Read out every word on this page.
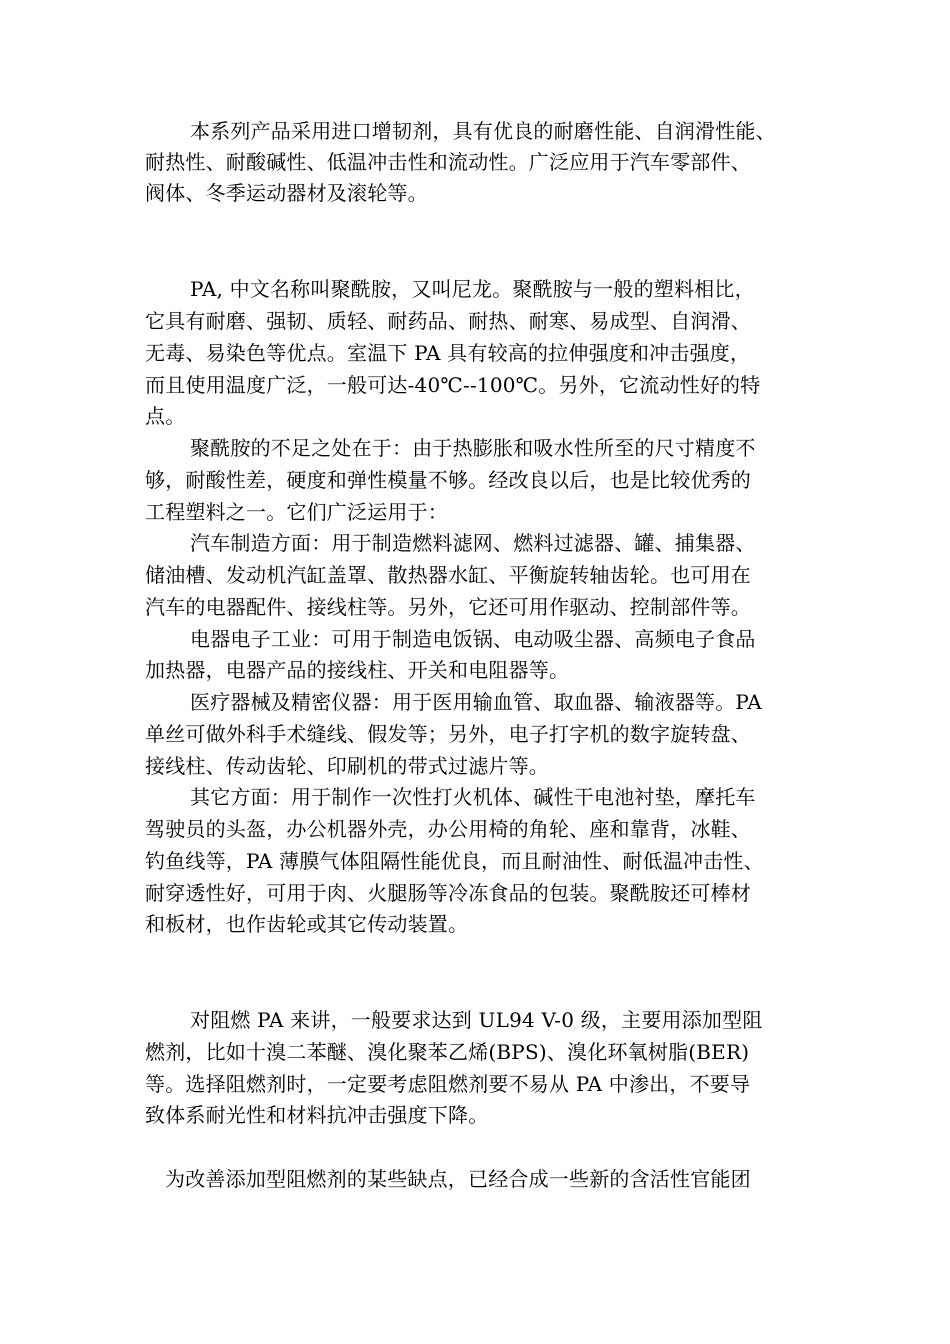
本系列产品采用进口增韧剂，具有优良的耐磨性能、自润滑性能、

耐热性、耐酸碱性、低温冲击性和流动性。广泛应用于汽车零部件、

阀体、冬季运动器材及滚轮等。

PA, 中文名称叫聚酰胺，又叫尼龙。聚酰胺与一般的塑料相比，

它具有耐磨、强韧、质轻、耐药品、耐热、耐寒、易成型、自润滑、

无毒、易染色等优点。室温下 PA 具有较高的拉伸强度和冲击强度，

而且使用温度广泛，一般可达-40℃--100℃。另外，它流动性好的特

点。

聚酰胺的不足之处在于：由于热膨胀和吸水性所至的尺寸精度不

够，耐酸性差，硬度和弹性模量不够。经改良以后，也是比较优秀的

工程塑料之一。它们广泛运用于：

汽车制造方面：用于制造燃料滤网、燃料过滤器、罐、捕集器、

储油槽、发动机汽缸盖罩、散热器水缸、平衡旋转轴齿轮。也可用在

汽车的电器配件、接线柱等。另外，它还可用作驱动、控制部件等。

电器电子工业：可用于制造电饭锅、电动吸尘器、高频电子食品

加热器，电器产品的接线柱、开关和电阻器等。

医疗器械及精密仪器：用于医用输血管、取血器、输液器等。PA

单丝可做外科手术缝线、假发等；另外，电子打字机的数字旋转盘、

接线柱、传动齿轮、印刷机的带式过滤片等。

其它方面：用于制作一次性打火机体、碱性干电池衬垫，摩托车

驾驶员的头盔，办公机器外壳，办公用椅的角轮、座和靠背，冰鞋、

钓鱼线等，PA 薄膜气体阻隔性能优良，而且耐油性、耐低温冲击性、

耐穿透性好，可用于肉、火腿肠等冷冻食品的包装。聚酰胺还可棒材

和板材，也作齿轮或其它传动装置。

对阻燃 PA 来讲，一般要求达到 UL94 V-0 级，主要用添加型阻

燃剂，比如十溴二苯醚、溴化聚苯乙烯(BPS)、溴化环氧树脂(BER)

等。选择阻燃剂时，一定要考虑阻燃剂要不易从 PA 中渗出，不要导

致体系耐光性和材料抗冲击强度下降。

为改善添加型阻燃剂的某些缺点，已经合成一些新的含活性官能团
